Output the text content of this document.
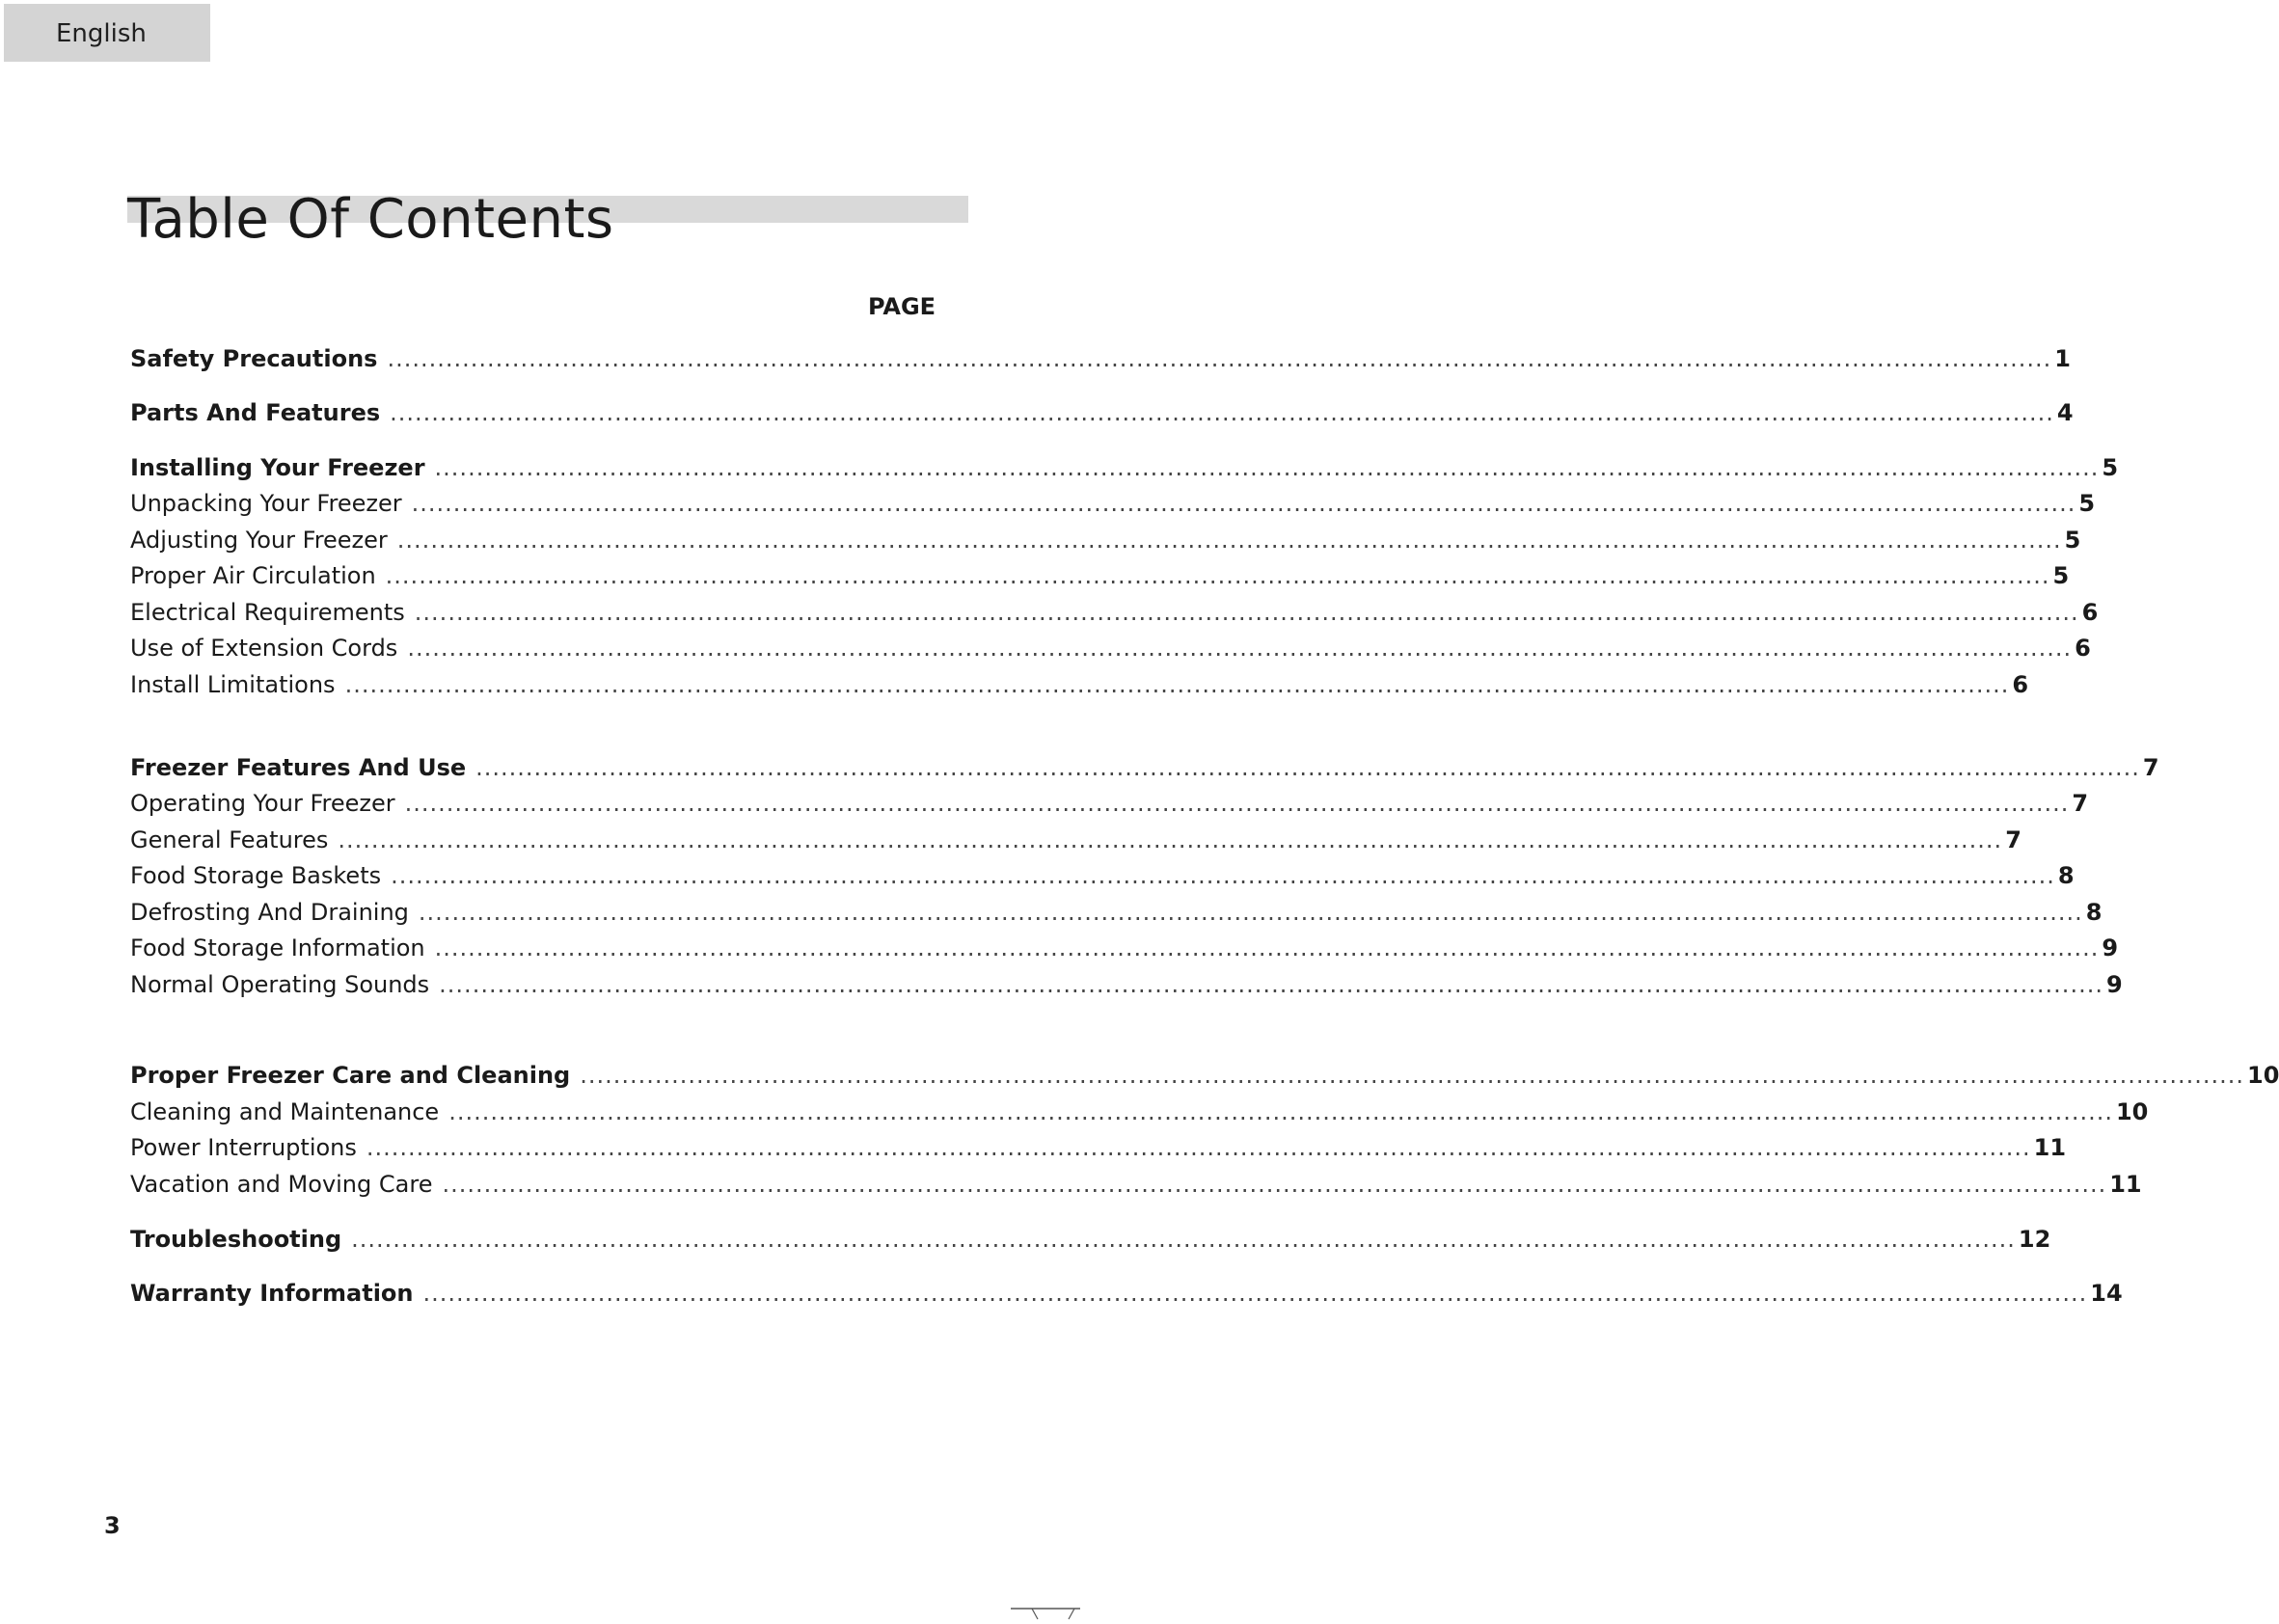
English
Table Of Contents
PAGE
Safety Precautions ........................................................................................................................................................................................................ 1
Parts And Features ........................................................................................................................................................................................................ 4
Installing Your Freezer ........................................................................................................................................................................................................ 5
Unpacking Your Freezer ........................................................................................................................................................................................................ 5
Adjusting Your Freezer ........................................................................................................................................................................................................ 5
Proper Air Circulation ........................................................................................................................................................................................................ 5
Electrical Requirements ........................................................................................................................................................................................................ 6
Use of Extension Cords ........................................................................................................................................................................................................ 6
Install Limitations ........................................................................................................................................................................................................ 6
Freezer Features And Use ........................................................................................................................................................................................................ 7
Operating Your Freezer ........................................................................................................................................................................................................ 7
General Features ........................................................................................................................................................................................................ 7
Food Storage Baskets ........................................................................................................................................................................................................ 8
Defrosting And Draining ........................................................................................................................................................................................................ 8
Food Storage Information ........................................................................................................................................................................................................ 9
Normal Operating Sounds ........................................................................................................................................................................................................ 9
Proper Freezer Care and Cleaning ........................................................................................................................................................................................................ 10
Cleaning and Maintenance ........................................................................................................................................................................................................ 10
Power Interruptions ........................................................................................................................................................................................................ 11
Vacation and Moving Care ........................................................................................................................................................................................................ 11
Troubleshooting ........................................................................................................................................................................................................ 12
Warranty Information ........................................................................................................................................................................................................ 14
3
